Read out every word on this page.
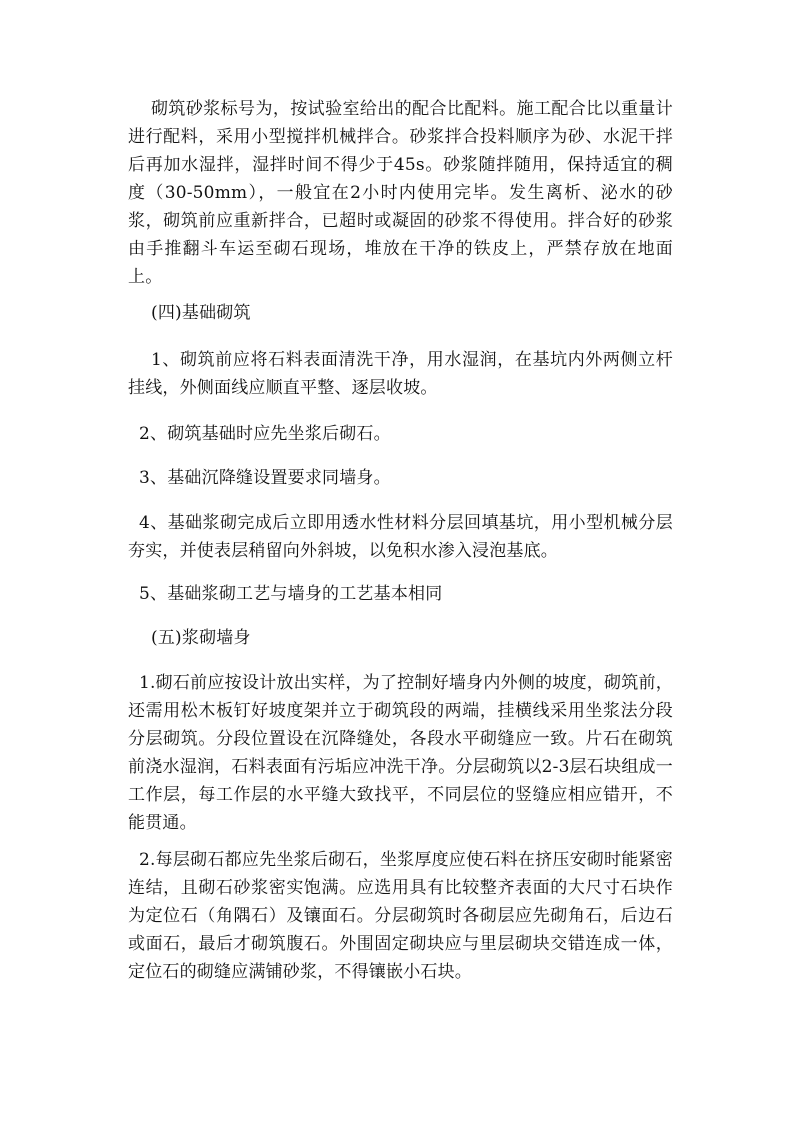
砌筑砂浆标号为，按试验室给出的配合比配料。施工配合比以重量计进行配料，采用小型搅拌机械拌合。砂浆拌合投料顺序为砂、水泥干拌后再加水湿拌，湿拌时间不得少于45s。砂浆随拌随用，保持适宜的稠度（30-50mm），一般宜在2小时内使用完毕。发生离析、泌水的砂浆，砌筑前应重新拌合，已超时或凝固的砂浆不得使用。拌合好的砂浆由手推翻斗车运至砌石现场，堆放在干净的铁皮上，严禁存放在地面上。

(四)基础砌筑

1、砌筑前应将石料表面清洗干净，用水湿润，在基坑内外两侧立杆挂线，外侧面线应顺直平整、逐层收坡。

2、砌筑基础时应先坐浆后砌石。

3、基础沉降缝设置要求同墙身。

4、基础浆砌完成后立即用透水性材料分层回填基坑，用小型机械分层夯实，并使表层稍留向外斜坡，以免积水渗入浸泡基底。

5、基础浆砌工艺与墙身的工艺基本相同

(五)浆砌墙身

1.砌石前应按设计放出实样，为了控制好墙身内外侧的坡度，砌筑前，还需用松木板钉好坡度架并立于砌筑段的两端，挂横线采用坐浆法分段分层砌筑。分段位置设在沉降缝处，各段水平砌缝应一致。片石在砌筑前浇水湿润，石料表面有污垢应冲洗干净。分层砌筑以2-3层石块组成一工作层，每工作层的水平缝大致找平，不同层位的竖缝应相应错开，不能贯通。

2.每层砌石都应先坐浆后砌石，坐浆厚度应使石料在挤压安砌时能紧密连结，且砌石砂浆密实饱满。应选用具有比较整齐表面的大尺寸石块作为定位石（角隅石）及镶面石。分层砌筑时各砌层应先砌角石，后边石或面石，最后才砌筑腹石。外围固定砌块应与里层砌块交错连成一体，定位石的砌缝应满铺砂浆，不得镶嵌小石块。
